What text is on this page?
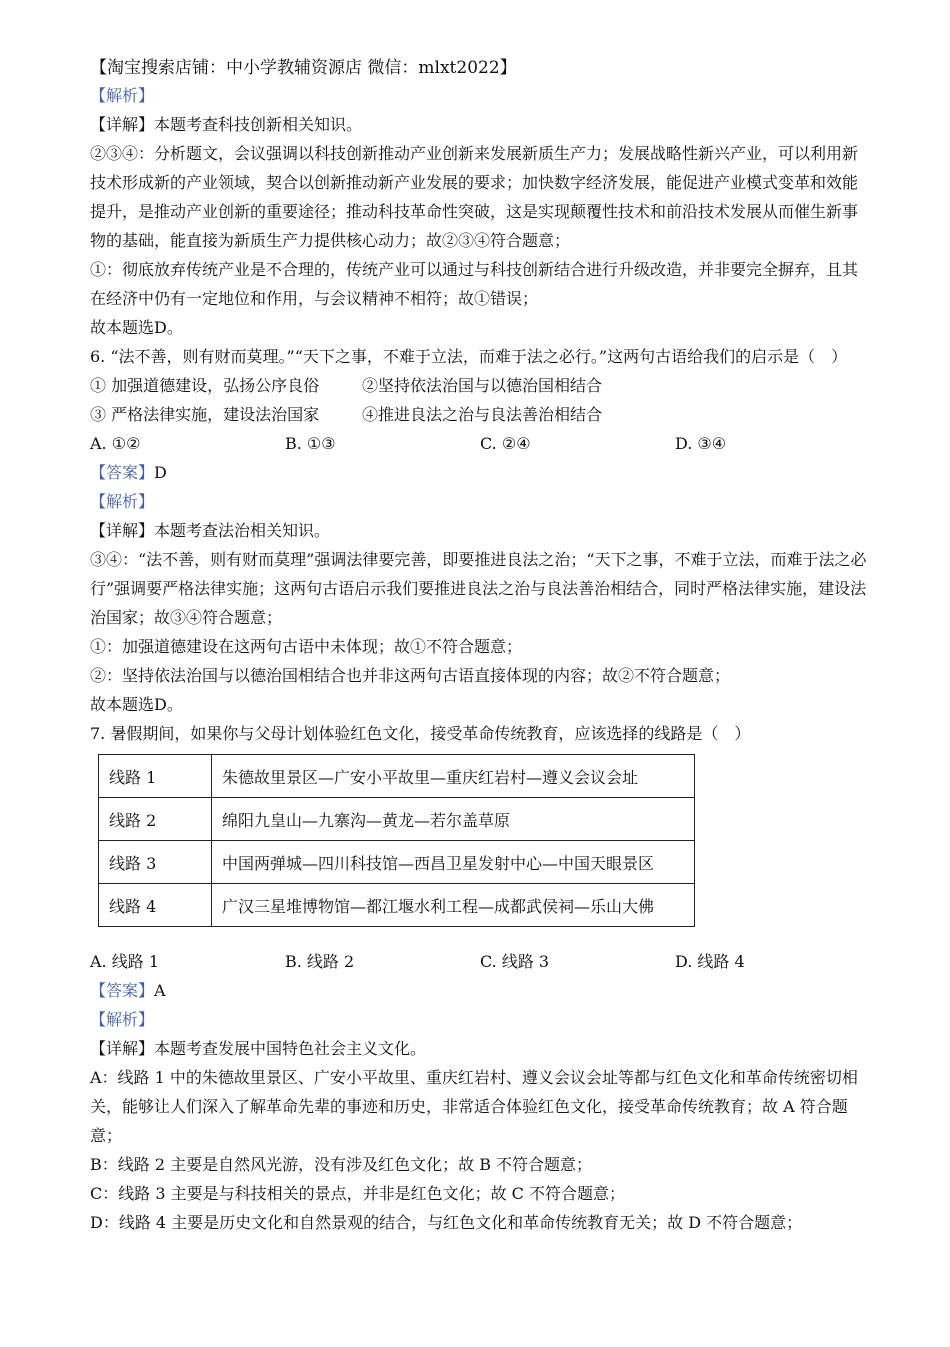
【淘宝搜索店铺：中小学教辅资源店 微信：mlxt2022】
【解析】
【详解】本题考查科技创新相关知识。
②③④：分析题文，会议强调以科技创新推动产业创新来发展新质生产力；发展战略性新兴产业，可以利用新技术形成新的产业领域，契合以创新推动新产业发展的要求；加快数字经济发展，能促进产业模式变革和效能提升，是推动产业创新的重要途径；推动科技革命性突破，这是实现颠覆性技术和前沿技术发展从而催生新事物的基础，能直接为新质生产力提供核心动力；故②③④符合题意；
①：彻底放弃传统产业是不合理的，传统产业可以通过与科技创新结合进行升级改造，并非要完全摒弃，且其在经济中仍有一定地位和作用，与会议精神不相符；故①错误；
故本题选D。
6. “法不善，则有财而莫理。”“天下之事，不难于立法，而难于法之必行。”这两句古语给我们的启示是（　）
① 加强道德建设，弘扬公序良俗	②坚持依法治国与以德治国相结合
③ 严格法律实施，建设法治国家	④推进良法之治与良法善治相结合
A. ①②	B. ①③	C. ②④	D. ③④
【答案】D
【解析】
【详解】本题考查法治相关知识。
③④：“法不善，则有财而莫理”强调法律要完善，即要推进良法之治；“天下之事，不难于立法，而难于法之必行”强调要严格法律实施；这两句古语启示我们要推进良法之治与良法善治相结合，同时严格法律实施，建设法治国家；故③④符合题意；
①：加强道德建设在这两句古语中未体现；故①不符合题意；
②：坚持依法治国与以德治国相结合也并非这两句古语直接体现的内容；故②不符合题意；
故本题选D。
7. 暑假期间，如果你与父母计划体验红色文化，接受革命传统教育，应该选择的线路是（　）
线路 1	朱德故里景区—广安小平故里—重庆红岩村—遵义会议会址
线路 2	绵阳九皇山—九寨沟—黄龙—若尔盖草原
线路 3	中国两弹城—四川科技馆—西昌卫星发射中心—中国天眼景区
线路 4	广汉三星堆博物馆—都江堰水利工程—成都武侯祠—乐山大佛
A. 线路 1	B. 线路 2	C. 线路 3	D. 线路 4
【答案】A
【解析】
【详解】本题考查发展中国特色社会主义文化。
A：线路 1 中的朱德故里景区、广安小平故里、重庆红岩村、遵义会议会址等都与红色文化和革命传统密切相关，能够让人们深入了解革命先辈的事迹和历史，非常适合体验红色文化，接受革命传统教育；故 A 符合题意；
B：线路 2 主要是自然风光游，没有涉及红色文化；故 B 不符合题意；
C：线路 3 主要是与科技相关的景点，并非是红色文化；故 C 不符合题意；
D：线路 4 主要是历史文化和自然景观的结合，与红色文化和革命传统教育无关；故 D 不符合题意；
